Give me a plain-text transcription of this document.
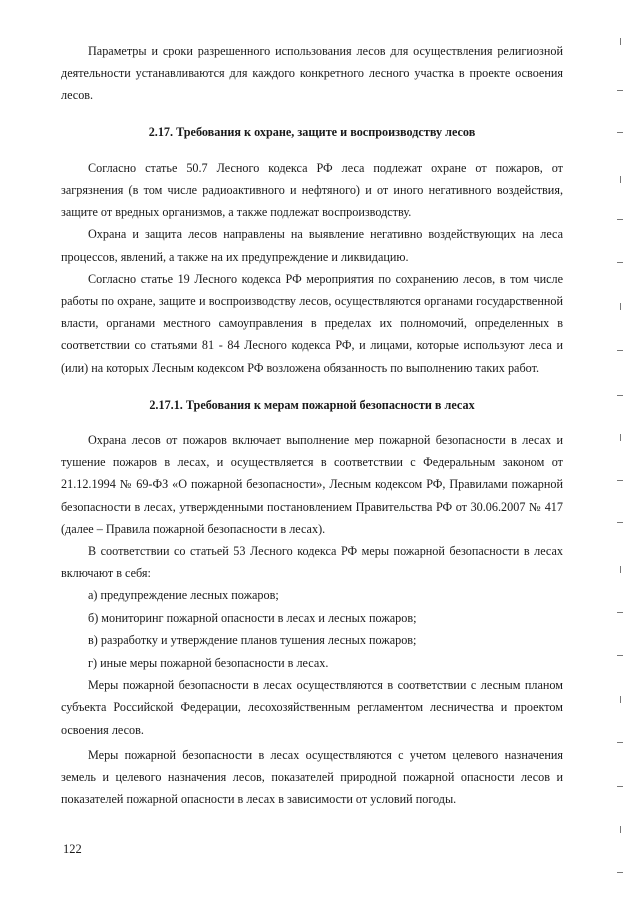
Параметры и сроки разрешенного использования лесов для осуществления религиозной деятельности устанавливаются для каждого конкретного лесного участка в проекте освоения лесов.

2.17. Требования к охране, защите и воспроизводству лесов

Согласно статье 50.7 Лесного кодекса РФ леса подлежат охране от пожаров, от загрязнения (в том числе радиоактивного и нефтяного) и от иного негативного воздействия, защите от вредных организмов, а также подлежат воспроизводству.

Охрана и защита лесов направлены на выявление негативно воздействующих на леса процессов, явлений, а также на их предупреждение и ликвидацию.

Согласно статье 19 Лесного кодекса РФ мероприятия по сохранению лесов, в том числе работы по охране, защите и воспроизводству лесов, осуществляются органами государственной власти, органами местного самоуправления в пределах их полномочий, определенных в соответствии со статьями 81 - 84 Лесного кодекса РФ, и лицами, которые используют леса и (или) на которых Лесным кодексом РФ возложена обязанность по выполнению таких работ.

2.17.1. Требования к мерам пожарной безопасности в лесах

Охрана лесов от пожаров включает выполнение мер пожарной безопасности в лесах и тушение пожаров в лесах, и осуществляется в соответствии с Федеральным законом от 21.12.1994 № 69-ФЗ «О пожарной безопасности», Лесным кодексом РФ, Правилами пожарной безопасности в лесах, утвержденными постановлением Правительства РФ от 30.06.2007 № 417 (далее – Правила пожарной безопасности в лесах).

В соответствии со статьей 53 Лесного кодекса РФ меры пожарной безопасности в лесах включают в себя:

а) предупреждение лесных пожаров;

б) мониторинг пожарной опасности в лесах и лесных пожаров;

в) разработку и утверждение планов тушения лесных пожаров;

г) иные меры пожарной безопасности в лесах.

Меры пожарной безопасности в лесах осуществляются в соответствии с лесным планом субъекта Российской Федерации, лесохозяйственным регламентом лесничества и проектом освоения лесов.

Меры пожарной безопасности в лесах осуществляются с учетом целевого назначения земель и целевого назначения лесов, показателей природной пожарной опасности лесов и показателей пожарной опасности в лесах в зависимости от условий погоды.

122
